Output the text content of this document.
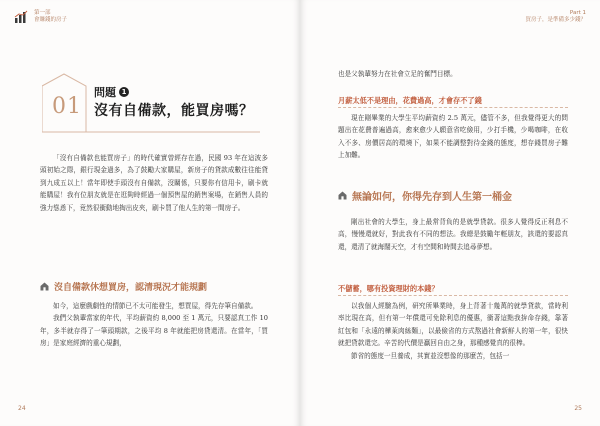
第一部
會賺錢的房子
01
問題 1
沒有自備款，能買房嗎？

「沒有自備款也能買房子」的時代確實曾經存在過，民國 93 年在這波多頭初始之際，銀行現金過多，為了鼓勵大家購屋，新房子的貸款成數往往能貸到九成五以上！當年即使手頭沒有自備款，沒關係，只要你有信用卡，刷卡就能購屋！我有位朋友就是在逛夠時經過一個預售屋的銷售案場，在銷售人員的強力慫恿下，竟然很衝動地掏出皮夾，刷卡買了他人生的第一間房子。

沒自備款休想買房，認清現況才能規劃

如今，這麼戲劇性的情節已不太可能發生，想買屋，得先存筆自備款。

我們父執輩當家的年代，平均薪資約 8,000 至 1 萬元，只要認真工作 10 年，多半就存得了一筆頭期款，之後平均 8 年就能把房貸還清。在當年，「買房」是家庭經濟的重心規劃，

24
Part 1
買房子，是準備多少錢？

也是父執輩努力在社會立足的奮鬥目標。

月薪太低不是理由，花費過高，才會存不了錢

現在剛畢業的大學生平均薪資約 2.5 萬元，儘管不多，但我覺得更大的問題出在花費普遍過高，愈來愈少人願意省吃儉用，少打手機，少喝咖啡，在收入不多、房價居高的環境下，如果不能調整對待金錢的態度，想存錢買房子難上加難。

無論如何，你得先存到人生第一桶金

剛出社會的大學生，身上最常背負的是就學貸款。很多人覺得反正利息不高，慢慢還就好，對此我有不同的想法。我總是鼓勵年輕朋友，該還的要認真還，還清了就海闊天空，才有空間和時間去追尋夢想。

不儲蓄，哪有投資理財的本錢？

以我個人經驗為例，研究所畢業時，身上背著十幾萬的就學貸款，當時利率比現在高，但有第一年償還可免除利息的優惠，衝著這點我拚命存錢，靠著紅包和「永遠的樺萊肉絲麵」，以最儉省的方式熬過社會新鮮人的第一年，很快就把貸款還完。辛苦的代價是贏回自由之身，那種感覺真的很棒。

節省的態度一旦養成，其實並沒想像的那麼苦，包括一

25
